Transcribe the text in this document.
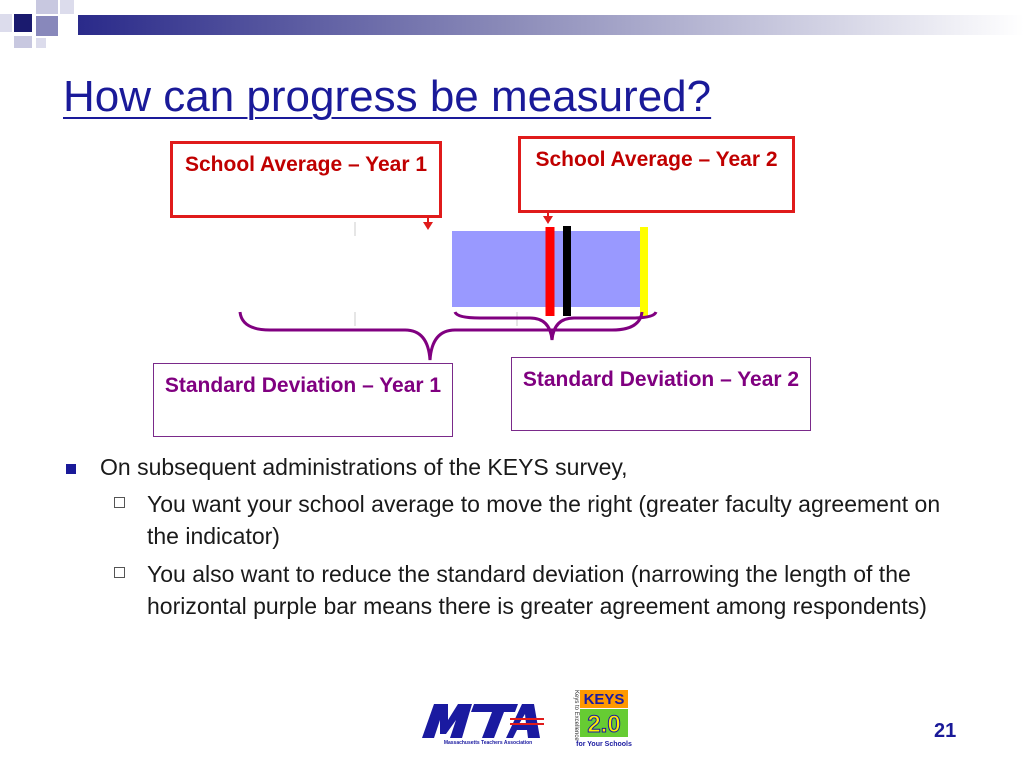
How can progress be measured?
School Average – Year 1	School Average – Year 2
Standard Deviation – Year 1	Standard Deviation – Year 2
On subsequent administrations of the KEYS survey,
You want your school average to move the right (greater faculty agreement on the indicator)
You also want to reduce the standard deviation (narrowing the length of the horizontal purple bar means there is greater agreement among respondents)
Massachusetts Teachers Association
Keys to Excellence KEYS
2.0
for Your Schools
21
